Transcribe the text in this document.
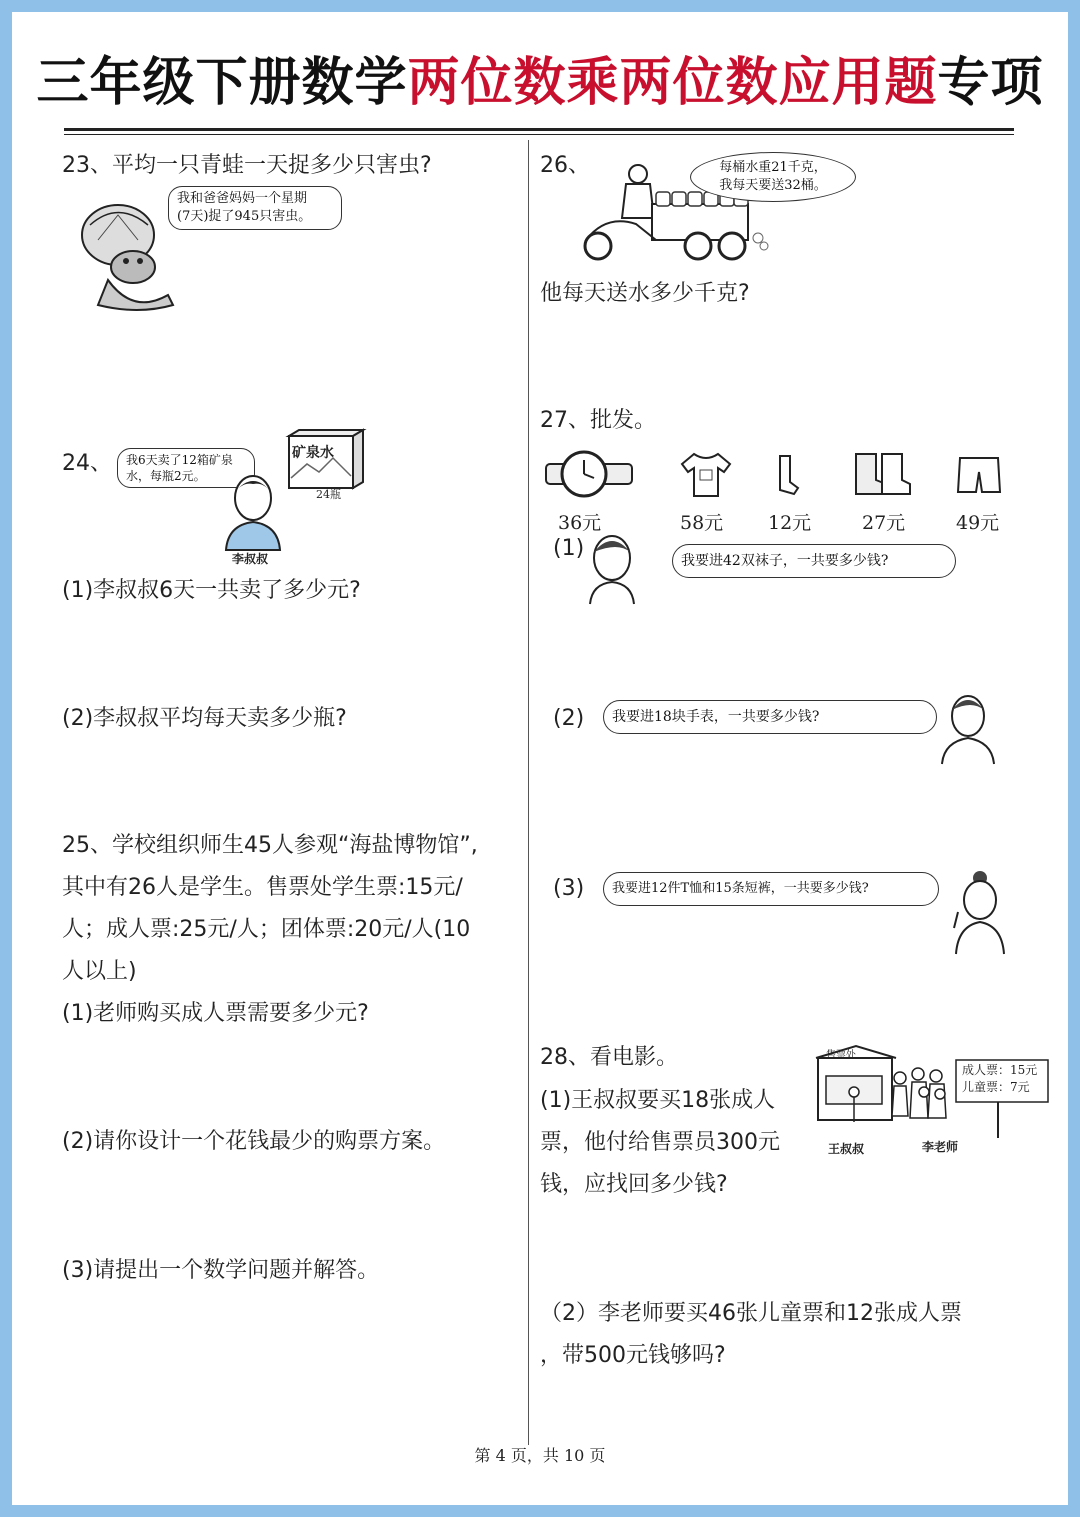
三年级下册数学两位数乘两位数应用题专项
23、平均一只青蛙一天捉多少只害虫?
我和爸爸妈妈一个星期
(7天)捉了945只害虫。
24、 我6天卖了12箱矿泉
水，每瓶2元。
李叔叔
矿泉水
24瓶
(1)李叔叔6天一共卖了多少元?
(2)李叔叔平均每天卖多少瓶?
25、学校组织师生45人参观“海盐博物馆”,
其中有26人是学生。售票处学生票:15元/
人；成人票:25元/人；团体票:20元/人(10
人以上)
(1)老师购买成人票需要多少元?
(2)请你设计一个花钱最少的购票方案。
(3)请提出一个数学问题并解答。
26、	每桶水重21千克，
我每天要送32桶。
他每天送水多少千克?
27、批发。
36元	58元 12元	27元	49元
(1)	我要进42双袜子，一共要多少钱?
(2)	我要进18块手表，一共要多少钱?
(3)	我要进12件T恤和15条短裤，一共要多少钱?
28、看电影。
(1)王叔叔要买18张成人
票，他付给售票员300元
钱，应找回多少钱?
售票处
成人票：15元
儿童票：7元
王叔叔	李老师
（2）李老师要买46张儿童票和12张成人票
，带500元钱够吗?
第 4 页，共 10 页
